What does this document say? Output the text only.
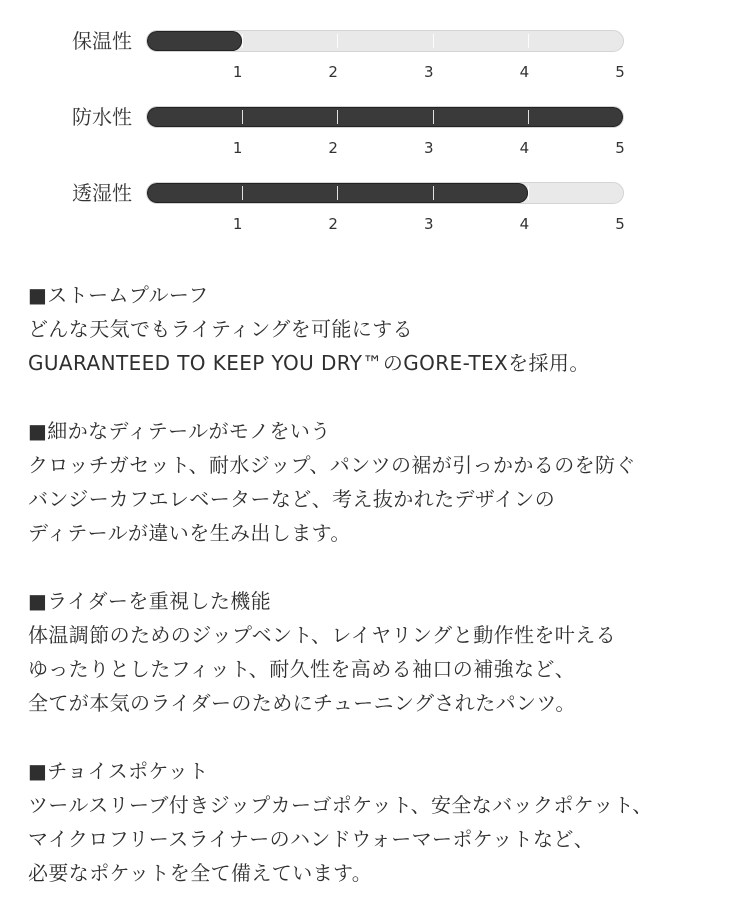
保温性
1	2	3	4	5
防水性
1	2	3	4	5
透湿性
1	2	3	4	5
■ストームプルーフ
どんな天気でもライティングを可能にする
GUARANTEED TO KEEP YOU DRY™のGORE-TEXを採用。
■細かなディテールがモノをいう
クロッチガセット、耐水ジップ、パンツの裾が引っかかるのを防ぐ
バンジーカフエレベーターなど、考え抜かれたデザインの
ディテールが違いを生み出します。
■ライダーを重視した機能
体温調節のためのジップベント、レイヤリングと動作性を叶える
ゆったりとしたフィット、耐久性を高める袖口の補強など、
全てが本気のライダーのためにチューニングされたパンツ。
■チョイスポケット
ツールスリーブ付きジップカーゴポケット、安全なバックポケット、
マイクロフリースライナーのハンドウォーマーポケットなど、
必要なポケットを全て備えています。
